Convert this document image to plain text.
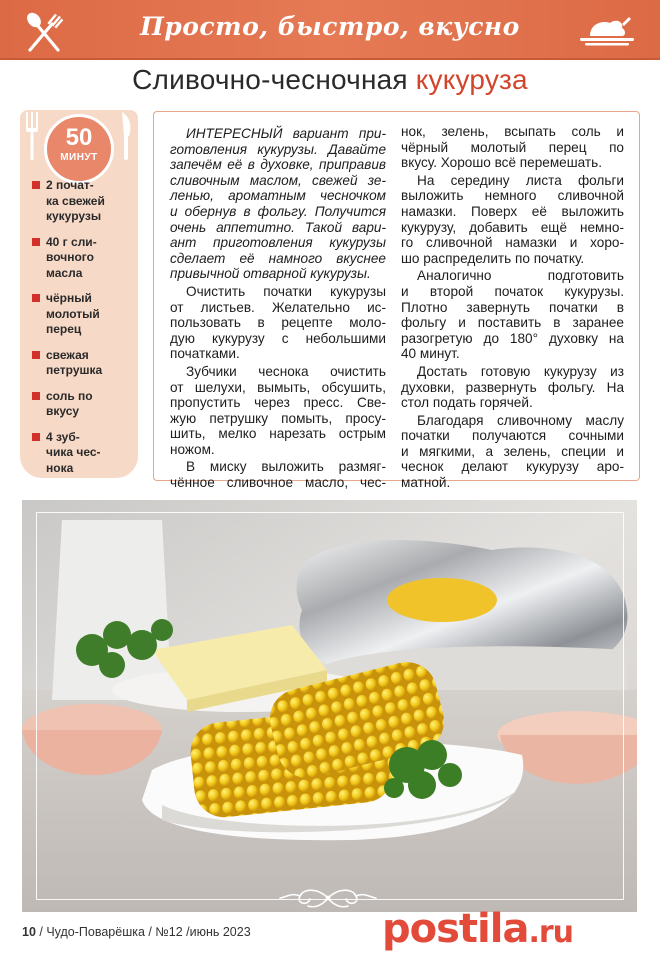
Просто, быстро, вкусно
Сливочно-чесночная кукуруза
50
МИНУТ
2 почат-
ка свежей
кукурузы
40 г сли-
вочного
масла
чёрный
молотый
перец
свежая
петрушка
соль по
вкусу
4 зуб-
чика чес-
нока

ИНТЕРЕСНЫЙ вариант при-
готовления кукурузы. Давайте
запечём её в духовке, приправив
сливочным маслом, свежей зе-
ленью, ароматным чесночком
и обернув в фольгу. Получится
очень аппетитно. Такой вари-
ант приготовления кукурузы
сделает её намного вкуснее
привычной отварной кукурузы.

Очистить початки кукурузы
от листьев. Желательно ис-
пользовать в рецепте моло-
дую кукурузу с небольшими
початками.

Зубчики чеснока очистить
от шелухи, вымыть, обсушить,
пропустить через пресс. Све-
жую петрушку помыть, просу-
шить, мелко нарезать острым
ножом.

В миску выложить размяг-
чённое сливочное масло, чес-

нок, зелень, всыпать соль и
чёрный молотый перец по
вкусу. Хорошо всё перемешать.

На середину листа фольги
выложить немного сливочной
намазки. Поверх её выложить
кукурузу, добавить ещё немно-
го сливочной намазки и хоро-
шо распределить по початку.

Аналогично подготовить
и второй початок кукурузы.
Плотно завернуть початки в
фольгу и поставить в заранее
разогретую до 180° духовку на
40 минут.

Достать готовую кукурузу из
духовки, развернуть фольгу. На
стол подать горячей.

Благодаря сливочному маслу
початки получаются сочными
и мягкими, а зелень, специи и
чеснок делают кукурузу аро-
матной.

10 / Чудо-Поварёшка / №12 /июнь 2023	postila.ru
